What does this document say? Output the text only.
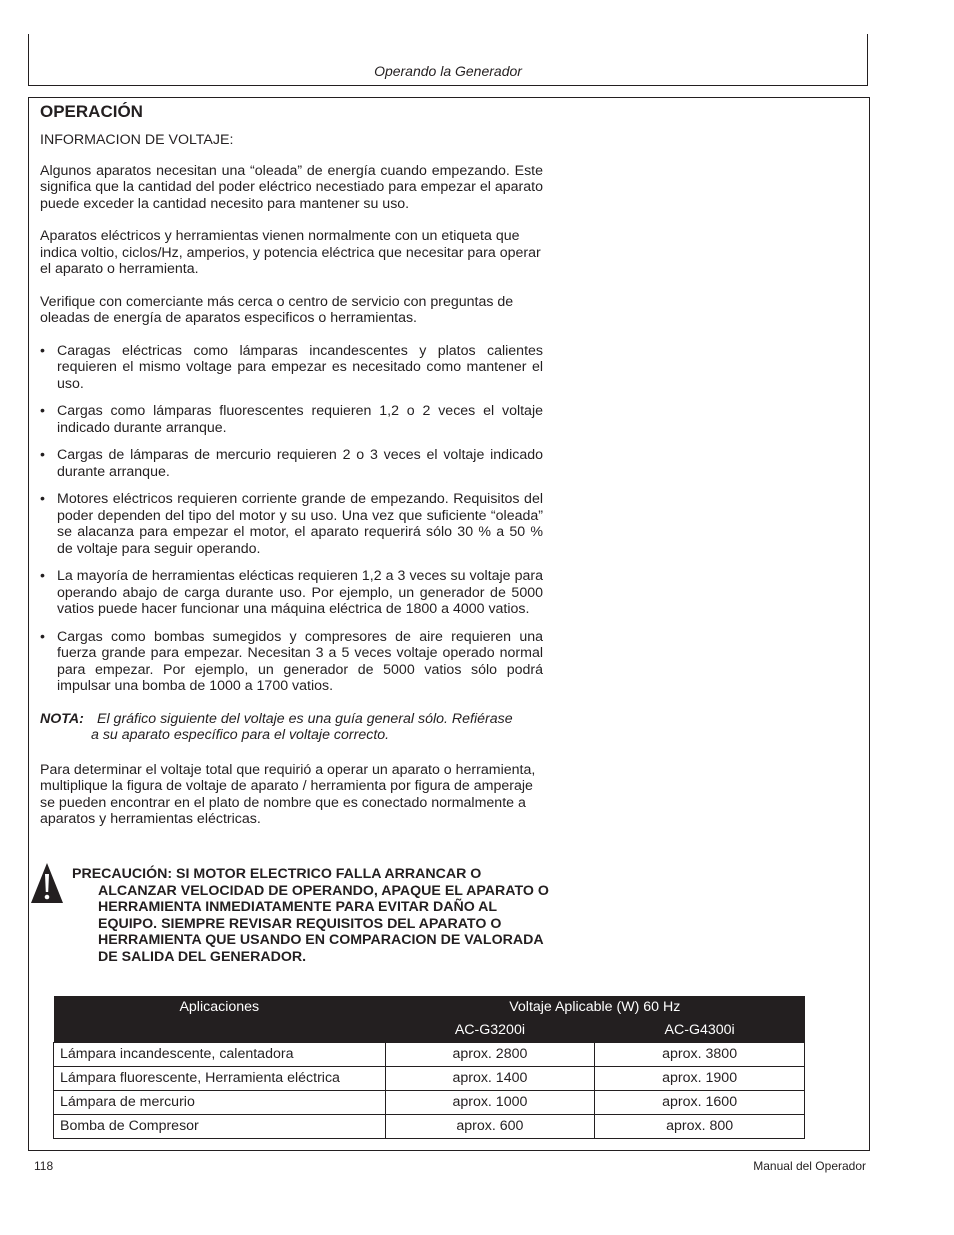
Operando la Generador
OPERACIÓN
INFORMACION DE VOLTAJE:

Algunos aparatos necesitan una “oleada” de energía cuando empezando. Este significa que la cantidad del poder eléctrico necestiado para empezar el aparato puede exceder la cantidad necesito para mantener su uso.

Aparatos eléctricos y herramientas vienen normalmente con un etiqueta que indica voltio, ciclos/Hz, amperios, y potencia eléctrica que necesitar para operar el aparato o herramienta.

Verifique con comerciante más cerca o centro de servicio con preguntas de oleadas de energía de aparatos especificos o herramientas.

• Caragas eléctricas como lámparas incandescentes y platos calientes requieren el mismo voltage para empezar es necesitado como mantener el uso.
• Cargas como lámparas fluorescentes requieren 1,2 o 2 veces el voltaje indicado durante arranque.
• Cargas de lámparas de mercurio requieren 2 o 3 veces el voltaje indicado durante arranque.
• Motores eléctricos requieren corriente grande de empezando. Requisitos del poder dependen del tipo del motor y su uso. Una vez que suficiente “oleada” se alacanza para empezar el motor, el aparato requerirá sólo 30 % a 50 % de voltaje para seguir operando.
• La mayoría de herramientas elécticas requieren 1,2 a 3 veces su voltaje para operando abajo de carga durante uso. Por ejemplo, un generador de 5000 vatios puede hacer funcionar una máquina eléctrica de 1800 a 4000 vatios.
• Cargas como bombas sumegidos y compresores de aire requieren una fuerza grande para empezar. Necesitan 3 a 5 veces voltaje operado normal para empezar. Por ejemplo, un generador de 5000 vatios sólo podrá impulsar una bomba de 1000 a 1700 vatios.
NOTA: El gráfico siguiente del voltaje es una guía general sólo. Refiérase
a su aparato específico para el voltaje correcto.

Para determinar el voltaje total que requirió a operar un aparato o herramienta, multiplique la figura de voltaje de aparato / herramienta por figura de amperaje se pueden encontrar en el plato de nombre que es conectado normalmente a aparatos y herramientas eléctricas.

PRECAUCIÓN: SI MOTOR ELECTRICO FALLA ARRANCAR O
ALCANZAR VELOCIDAD DE OPERANDO, APAQUE EL APARATO O HERRAMIENTA INMEDIATAMENTE PARA EVITAR DAÑO AL EQUIPO. SIEMPRE REVISAR REQUISITOS DEL APARATO O HERRAMIENTA QUE USANDO EN COMPARACION DE VALORADA DE SALIDA DEL GENERADOR.
Aplicaciones	Voltaje Aplicable (W) 60 Hz	
	AC-G3200i	AC-G4300i
Lámpara incandescente, calentadora	aprox. 2800	aprox. 3800
Lámpara fluorescente, Herramienta eléctrica	aprox. 1400	aprox. 1900
Lámpara de mercurio	aprox. 1000	aprox. 1600
Bomba de Compresor	aprox. 600	aprox. 800
118	Manual del Operador
